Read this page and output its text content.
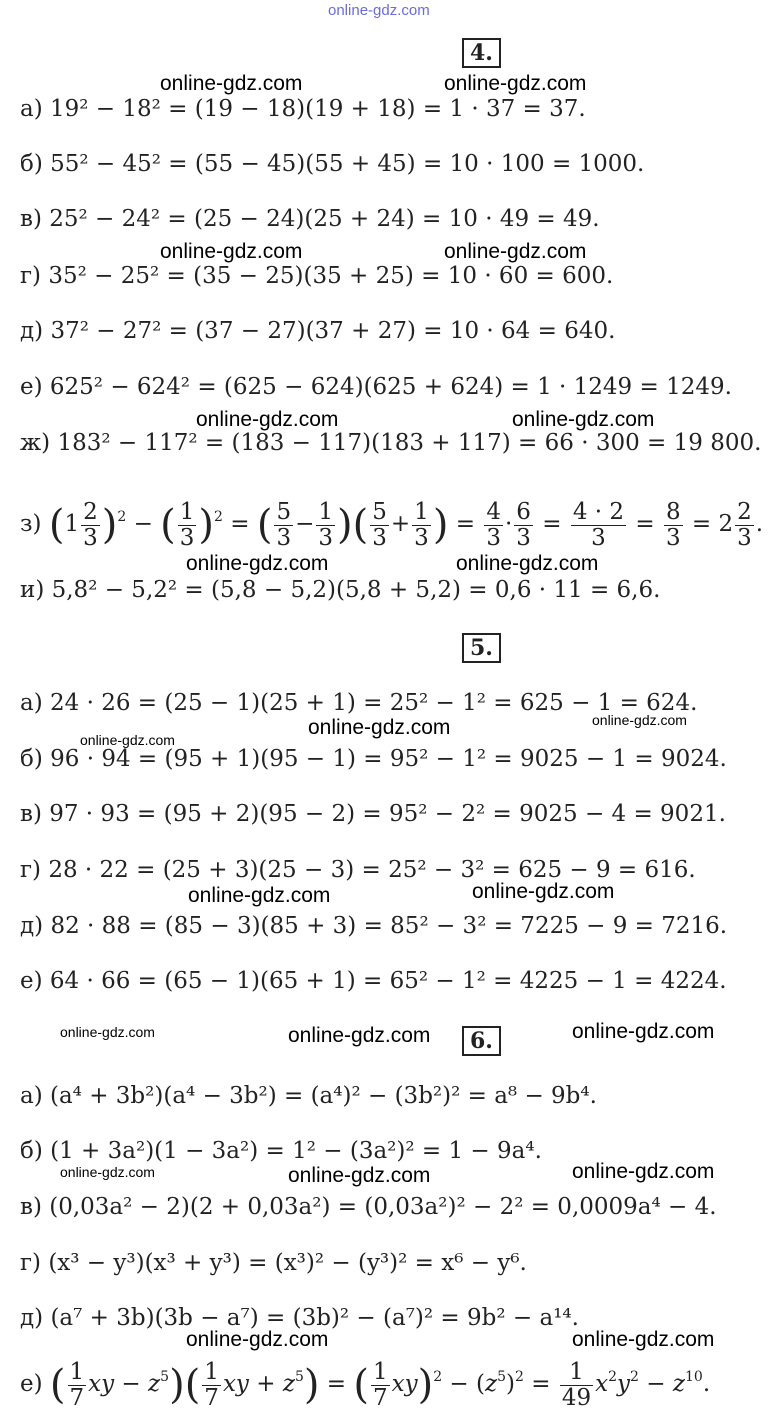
online-gdz.com
4.
online-gdz.com	online-gdz.com
а) 19² − 18² = (19 − 18)(19 + 18) = 1 · 37 = 37.
б) 55² − 45² = (55 − 45)(55 + 45) = 10 · 100 = 1000.
в) 25² − 24² = (25 − 24)(25 + 24) = 10 · 49 = 49.
online-gdz.com	online-gdz.com
г) 35² − 25² = (35 − 25)(35 + 25) = 10 · 60 = 600.
д) 37² − 27² = (37 − 27)(37 + 27) = 10 · 64 = 640.
е) 625² − 624² = (625 − 624)(625 + 624) = 1 · 1249 = 1249.
online-gdz.com	online-gdz.com
ж) 183² − 117² = (183 − 117)(183 + 117) = 66 · 300 = 19 800.
з) $(1 \frac{2}{3} )^2$ − ( $\frac{1}{3} )^2$ = ( $\frac{5}{3} - \frac{1}{3}$ )( $\frac{5}{3} + \frac{1}{3}$ ) = $\frac{4}{3} \cdot \frac{6}{3} = \frac{4 \cdot 2}{3} = \frac{8}{3} = 2 \frac{2}{3}$ .
online-gdz.com	online-gdz.com
и) 5,8² − 5,2² = (5,8 − 5,2)(5,8 + 5,2) = 0,6 · 11 = 6,6.
5.
а) 24 · 26 = (25 − 1)(25 + 1) = 25² − 1² = 625 − 1 = 624.
online-gdz.com	online-gdz.com
online-gdz.com
б) 96 · 94 = (95 + 1)(95 − 1) = 95² − 1² = 9025 − 1 = 9024.
в) 97 · 93 = (95 + 2)(95 − 2) = 95² − 2² = 9025 − 4 = 9021.
г) 28 · 22 = (25 + 3)(25 − 3) = 25² − 3² = 625 − 9 = 616.
online-gdz.com	online-gdz.com
д) 82 · 88 = (85 − 3)(85 + 3) = 85² − 3² = 7225 − 9 = 7216.
е) 64 · 66 = (65 − 1)(65 + 1) = 65² − 1² = 4225 − 1 = 4224.
online-gdz.com	online-gdz.com	6.	online-gdz.com
а) (a⁴ + 3b²)(a⁴ − 3b²) = (a⁴)² − (3b²)² = a⁸ − 9b⁴.
б) (1 + 3a²)(1 − 3a²) = 1² − (3a²)² = 1 − 9a⁴.
online-gdz.com	online-gdz.com	online-gdz.com
в) (0,03a² − 2)(2 + 0,03a²) = (0,03a²)² − 2² = 0,0009a⁴ − 4.
г) (x³ − y³)(x³ + y³) = (x³)² − (y³)² = x⁶ − y⁶.
д) (a⁷ + 3b)(3b − a⁷) = (3b)² − (a⁷)² = 9b² − a¹⁴.
online-gdz.com	online-gdz.com
е) ( $\frac{1}{7}$ xy − $z^5)( \frac{1}{7}$ xy + $z^5$) = ( $\frac{1}{7} xy)^2 - (z^5)^2 = \frac{1}{49} x^2y^2 - z^{10}$.
